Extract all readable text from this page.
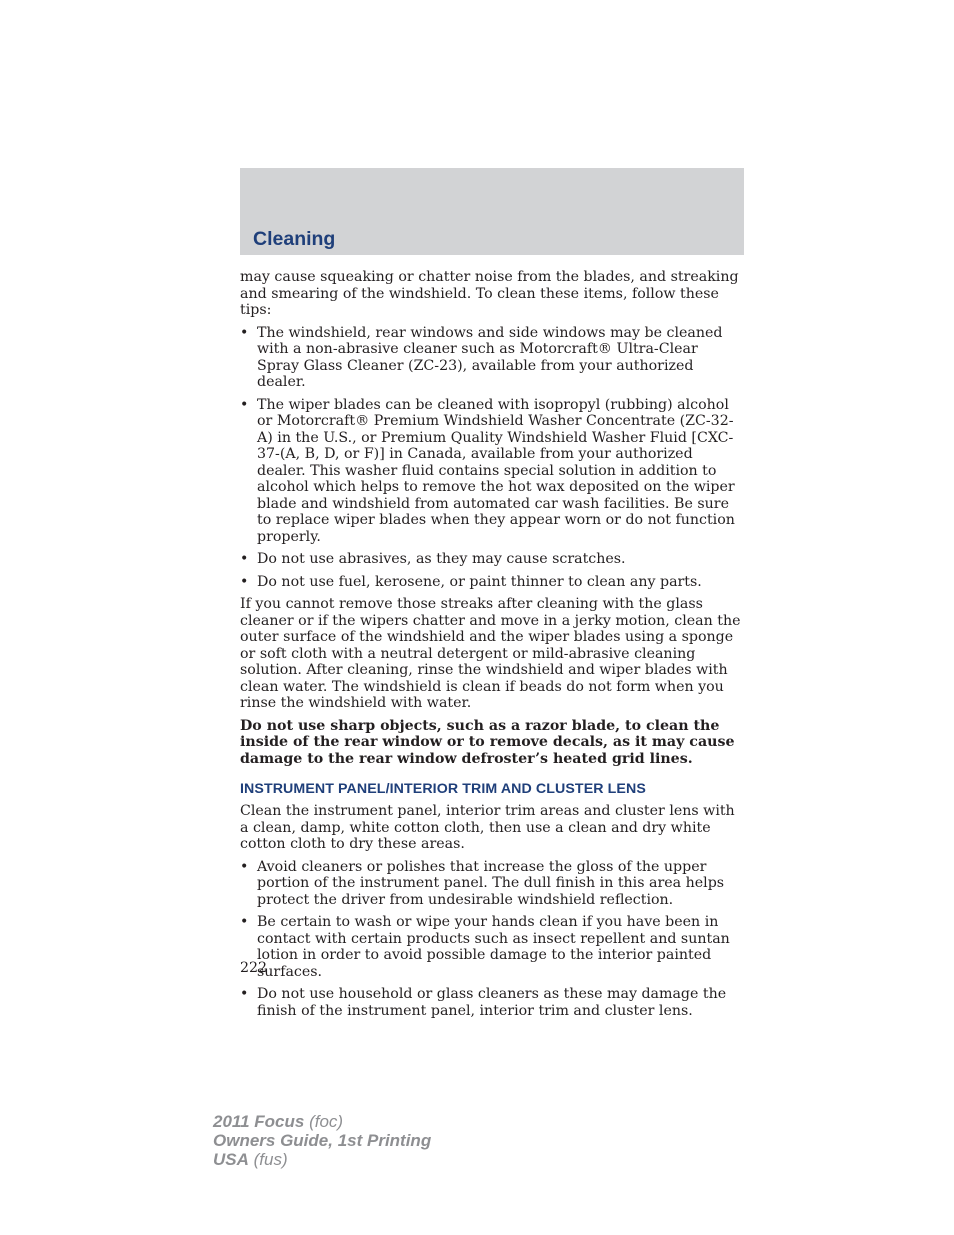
Cleaning

may cause squeaking or chatter noise from the blades, and streaking and smearing of the windshield. To clean these items, follow these tips:

• The windshield, rear windows and side windows may be cleaned with a non-abrasive cleaner such as Motorcraft® Ultra-Clear Spray Glass Cleaner (ZC-23), available from your authorized dealer.
• The wiper blades can be cleaned with isopropyl (rubbing) alcohol or Motorcraft® Premium Windshield Washer Concentrate (ZC-32-A) in the U.S., or Premium Quality Windshield Washer Fluid [CXC-37-(A, B, D, or F)] in Canada, available from your authorized dealer. This washer fluid contains special solution in addition to alcohol which helps to remove the hot wax deposited on the wiper blade and windshield from automated car wash facilities. Be sure to replace wiper blades when they appear worn or do not function properly.
• Do not use abrasives, as they may cause scratches.
• Do not use fuel, kerosene, or paint thinner to clean any parts.

If you cannot remove those streaks after cleaning with the glass cleaner or if the wipers chatter and move in a jerky motion, clean the outer surface of the windshield and the wiper blades using a sponge or soft cloth with a neutral detergent or mild-abrasive cleaning solution. After cleaning, rinse the windshield and wiper blades with clean water. The windshield is clean if beads do not form when you rinse the windshield with water.

Do not use sharp objects, such as a razor blade, to clean the inside of the rear window or to remove decals, as it may cause damage to the rear window defroster’s heated grid lines.

INSTRUMENT PANEL/INTERIOR TRIM AND CLUSTER LENS

Clean the instrument panel, interior trim areas and cluster lens with a clean, damp, white cotton cloth, then use a clean and dry white cotton cloth to dry these areas.

• Avoid cleaners or polishes that increase the gloss of the upper portion of the instrument panel. The dull finish in this area helps protect the driver from undesirable windshield reflection.
• Be certain to wash or wipe your hands clean if you have been in contact with certain products such as insect repellent and suntan lotion in order to avoid possible damage to the interior painted surfaces.
• Do not use household or glass cleaners as these may damage the finish of the instrument panel, interior trim and cluster lens.
222
2011 Focus (foc)
Owners Guide, 1st Printing
USA (fus)
